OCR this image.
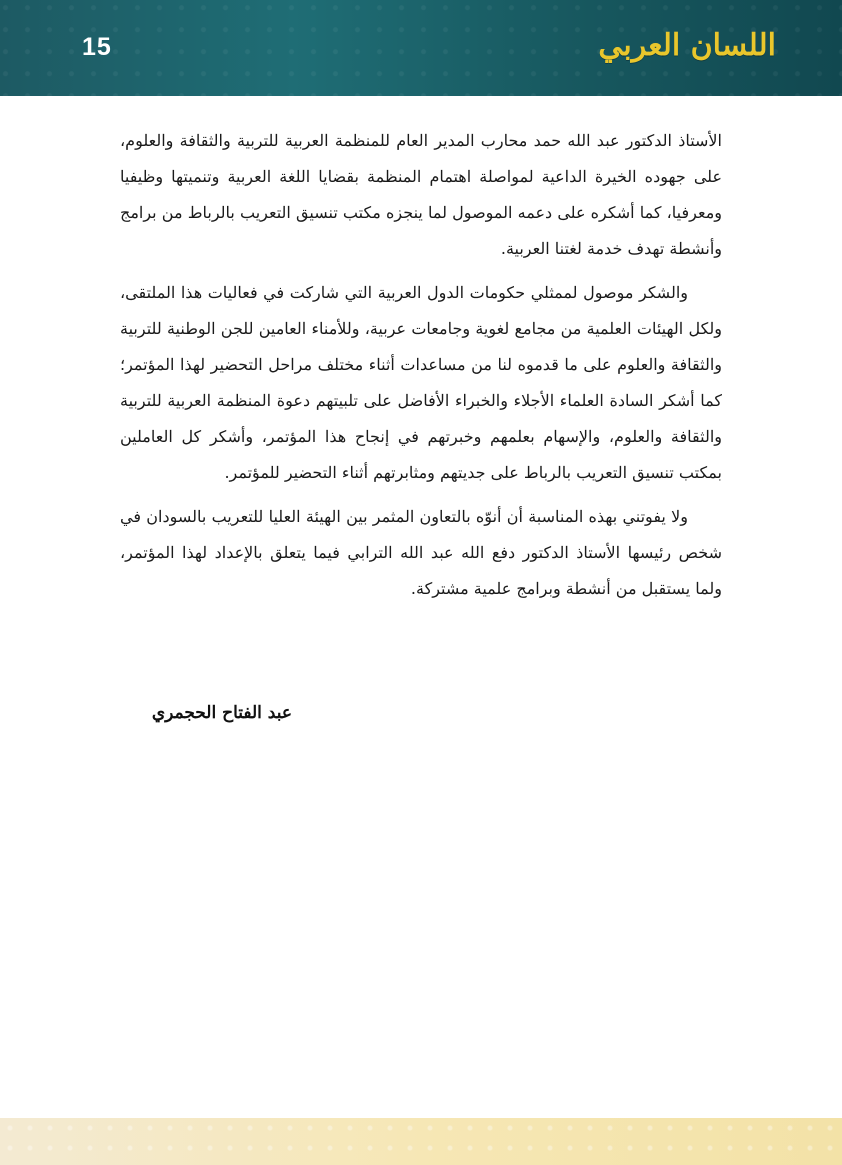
15	اللسان العربي

الأستاذ الدكتور عبد الله حمد محارب المدير العام للمنظمة العربية للتربية والثقافة والعلوم، على جهوده الخيرة الداعية لمواصلة اهتمام المنظمة بقضايا اللغة العربية وتنميتها وظيفيا ومعرفيا، كما أشكره على دعمه الموصول لما ينجزه مكتب تنسيق التعريب بالرباط من برامج وأنشطة تهدف خدمة لغتنا العربية.

والشكر موصول لممثلي حكومات الدول العربية التي شاركت في فعاليات هذا الملتقى، ولكل الهيئات العلمية من مجامع لغوية وجامعات عربية، وللأمناء العامين للجن الوطنية للتربية والثقافة والعلوم على ما قدموه لنا من مساعدات أثناء مختلف مراحل التحضير لهذا المؤتمر؛ كما أشكر السادة العلماء الأجلاء والخبراء الأفاضل على تلبيتهم دعوة المنظمة العربية للتربية والثقافة والعلوم، والإسهام بعلمهم وخبرتهم في إنجاح هذا المؤتمر، وأشكر كل العاملين بمكتب تنسيق التعريب بالرباط على جديتهم ومثابرتهم أثناء التحضير للمؤتمر.

ولا يفوتني بهذه المناسبة أن أنوّه بالتعاون المثمر بين الهيئة العليا للتعريب بالسودان في شخص رئيسها الأستاذ الدكتور دفع الله عبد الله الترابي فيما يتعلق بالإعداد لهذا المؤتمر، ولما يستقبل من أنشطة وبرامج علمية مشتركة.

عبد الفتاح الحجمري
